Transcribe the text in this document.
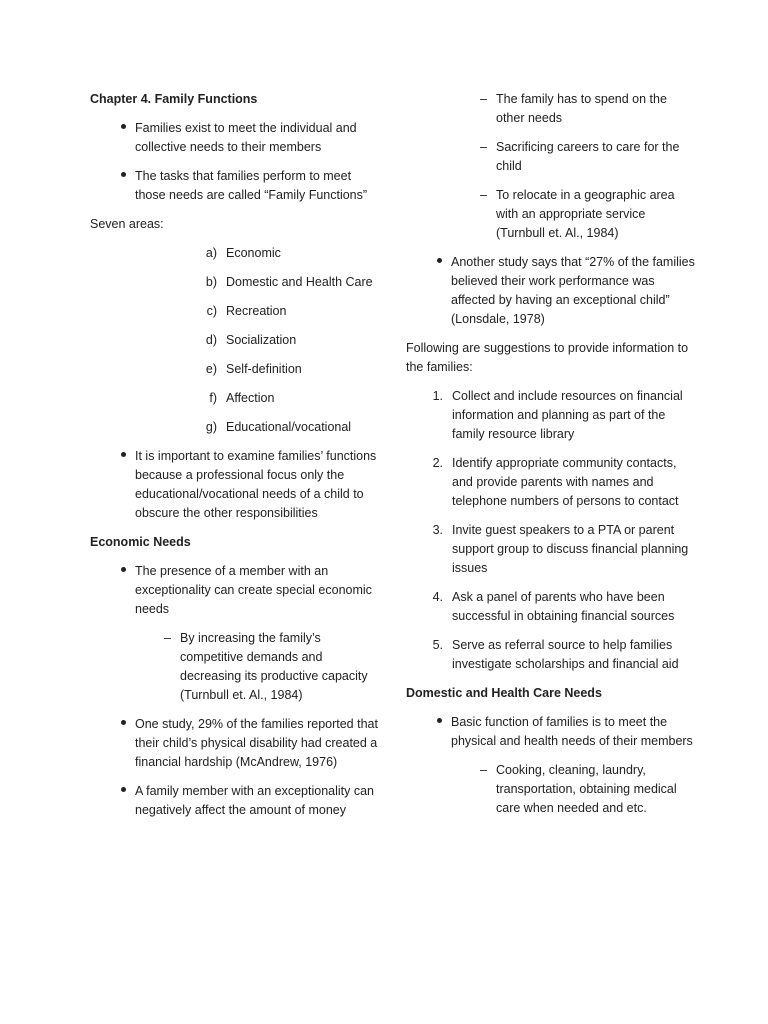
Chapter 4. Family Functions
Families exist to meet the individual and collective needs to their members
The tasks that families perform to meet those needs are called “Family Functions”
Seven areas:
a) Economic
b) Domestic and Health Care
c) Recreation
d) Socialization
e) Self-definition
f) Affection
g) Educational/vocational
It is important to examine families’ functions because a professional focus only the educational/vocational needs of a child to obscure the other responsibilities
Economic Needs
The presence of a member with an exceptionality can create special economic needs
– By increasing the family’s competitive demands and decreasing its productive capacity (Turnbull et. Al., 1984)
One study, 29% of the families reported that their child’s physical disability had created a financial hardship (McAndrew, 1976)
A family member with an exceptionality can negatively affect the amount of money
– The family has to spend on the other needs
– Sacrificing careers to care for the child
– To relocate in a geographic area with an appropriate service (Turnbull et. Al., 1984)
Another study says that “27% of the families believed their work performance was affected by having an exceptional child” (Lonsdale, 1978)
Following are suggestions to provide information to the families:
1. Collect and include resources on financial information and planning as part of the family resource library
2. Identify appropriate community contacts, and provide parents with names and telephone numbers of persons to contact
3. Invite guest speakers to a PTA or parent support group to discuss financial planning issues
4. Ask a panel of parents who have been successful in obtaining financial sources
5. Serve as referral source to help families investigate scholarships and financial aid
Domestic and Health Care Needs
Basic function of families is to meet the physical and health needs of their members
– Cooking, cleaning, laundry, transportation, obtaining medical care when needed and etc.
